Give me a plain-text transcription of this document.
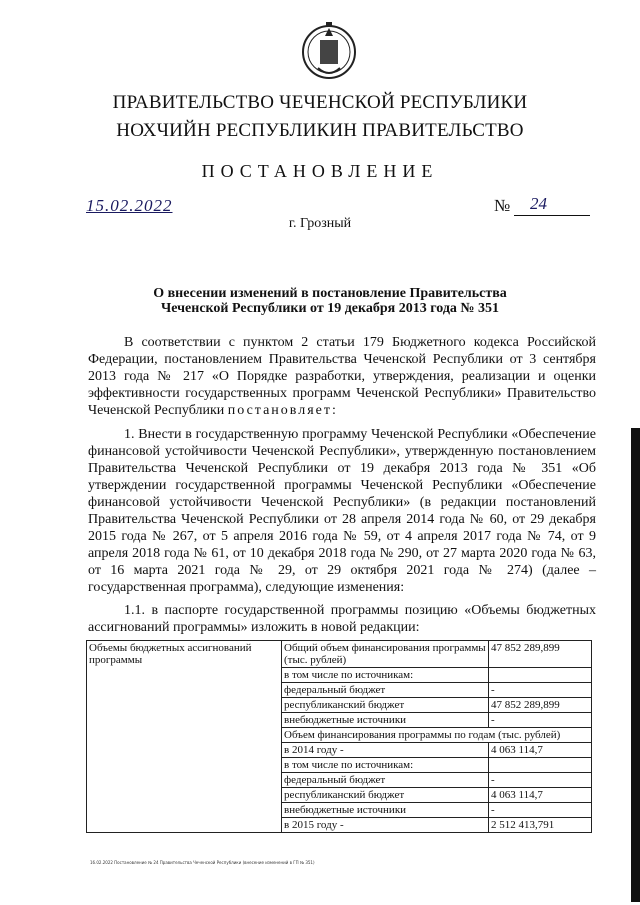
ПРАВИТЕЛЬСТВО ЧЕЧЕНСКОЙ РЕСПУБЛИКИ
НОХЧИЙН РЕСПУБЛИКИН ПРАВИТЕЛЬСТВО
ПОСТАНОВЛЕНИЕ
15.02.2022	№ 24
г. Грозный
О внесении изменений в постановление Правительства
Чеченской Республики от 19 декабря 2013 года № 351
В соответствии с пунктом 2 статьи 179 Бюджетного кодекса Российской Федерации, постановлением Правительства Чеченской Республики от 3 сентября 2013 года № 217 «О Порядке разработки, утверждения, реализации и оценки эффективности государственных программ Чеченской Республики» Правительство Чеченской Республики постановляет:
1. Внести в государственную программу Чеченской Республики «Обеспечение финансовой устойчивости Чеченской Республики», утвержденную постановлением Правительства Чеченской Республики от 19 декабря 2013 года № 351 «Об утверждении государственной программы Чеченской Республики «Обеспечение финансовой устойчивости Чеченской Республики» (в редакции постановлений Правительства Чеченской Республики от 28 апреля 2014 года № 60, от 29 декабря 2015 года № 267, от 5 апреля 2016 года № 59, от 4 апреля 2017 года № 74, от 9 апреля 2018 года № 61, от 10 декабря 2018 года № 290, от 27 марта 2020 года № 63, от 16 марта 2021 года № 29, от 29 октября 2021 года № 274) (далее – государственная программа), следующие изменения:
1.1. в паспорте государственной программы позицию «Объемы бюджетных ассигнований программы» изложить в новой редакции:
Объемы бюджетных ассигнований программы	Общий объем финансирования программы (тыс. рублей)	47 852 289,899
	в том числе по источникам:	
	федеральный бюджет	-
	республиканский бюджет	47 852 289,899
	внебюджетные источники	-
	Объем финансирования программы по годам (тыс. рублей)	
	в 2014 году -	4 063 114,7
	в том числе по источникам:	
	федеральный бюджет	-
	республиканский бюджет	4 063 114,7
	внебюджетные источники	-
	в 2015 году -	2 512 413,791
16.02.2022 Постановление № 24 Правительства Чеченской Республики (внесение изменений в ГП № 351)
